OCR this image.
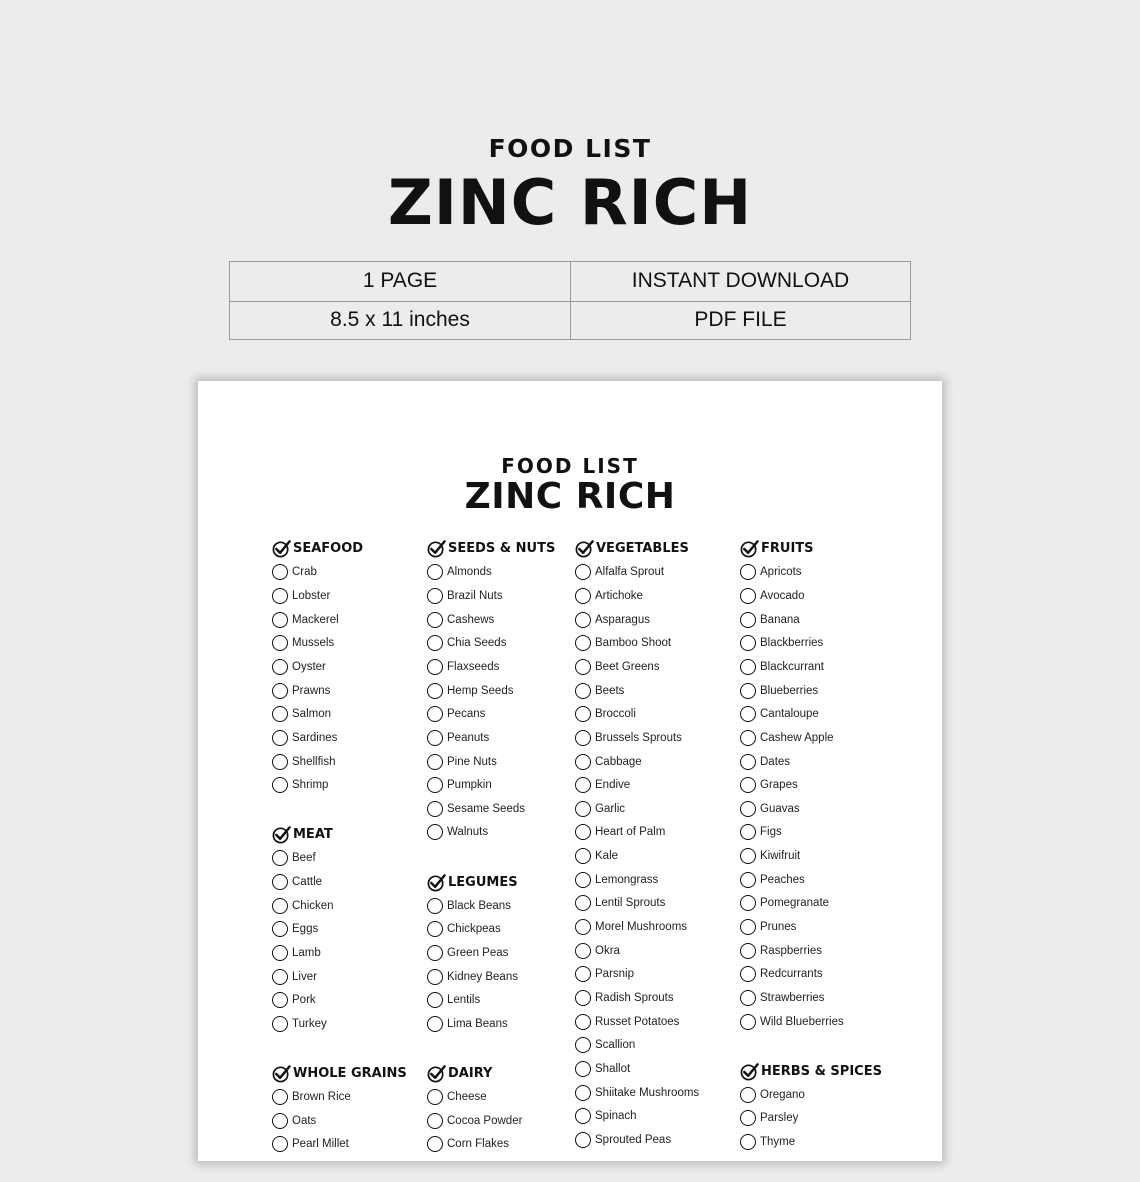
FOOD LIST
ZINC RICH
1 PAGE	INSTANT DOWNLOAD
8.5 x 11 inches	PDF FILE
FOOD LIST
ZINC RICH
SEAFOOD
Crab
Lobster
Mackerel
Mussels
Oyster
Prawns
Salmon
Sardines
Shellfish
Shrimp
MEAT
Beef
Cattle
Chicken
Eggs
Lamb
Liver
Pork
Turkey
WHOLE GRAINS
Brown Rice
Oats
Pearl Millet
SEEDS & NUTS
Almonds
Brazil Nuts
Cashews
Chia Seeds
Flaxseeds
Hemp Seeds
Pecans
Peanuts
Pine Nuts
Pumpkin
Sesame Seeds
Walnuts
LEGUMES
Black Beans
Chickpeas
Green Peas
Kidney Beans
Lentils
Lima Beans
DAIRY
Cheese
Cocoa Powder
Corn Flakes
VEGETABLES
Alfalfa Sprout
Artichoke
Asparagus
Bamboo Shoot
Beet Greens
Beets
Broccoli
Brussels Sprouts
Cabbage
Endive
Garlic
Heart of Palm
Kale
Lemongrass
Lentil Sprouts
Morel Mushrooms
Okra
Parsnip
Radish Sprouts
Russet Potatoes
Scallion
Shallot
Shiitake Mushrooms
Spinach
Sprouted Peas
FRUITS
Apricots
Avocado
Banana
Blackberries
Blackcurrant
Blueberries
Cantaloupe
Cashew Apple
Dates
Grapes
Guavas
Figs
Kiwifruit
Peaches
Pomegranate
Prunes
Raspberries
Redcurrants
Strawberries
Wild Blueberries
HERBS & SPICES
Oregano
Parsley
Thyme
